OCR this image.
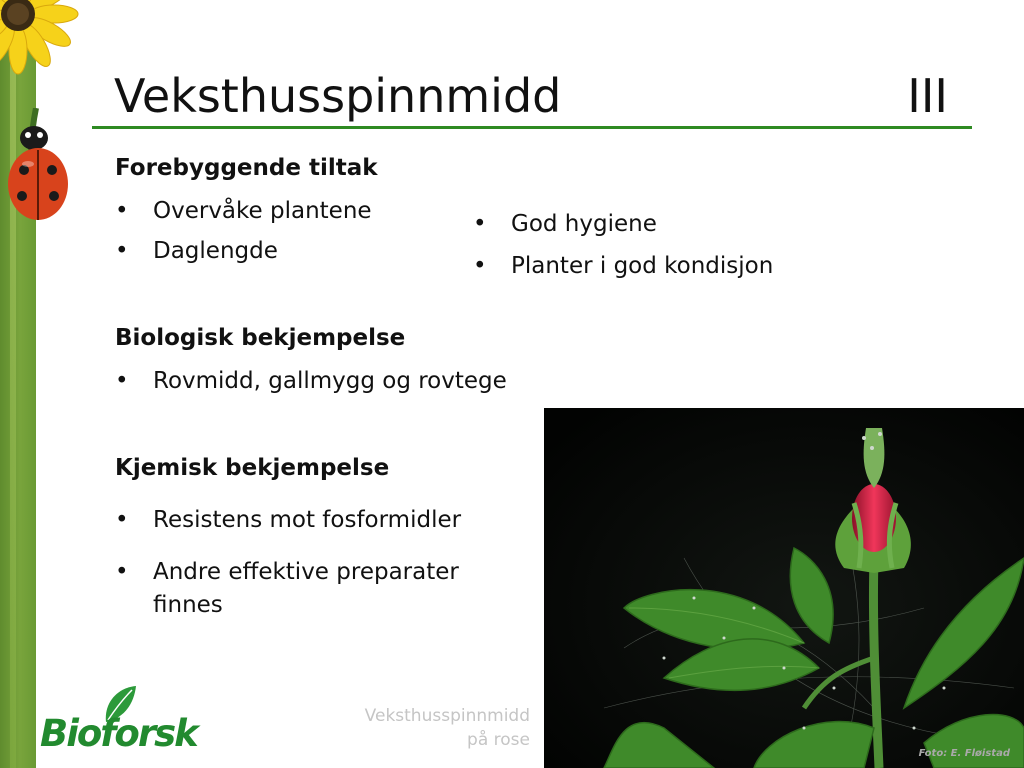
Veksthusspinnmidd	III
Forebyggende tiltak
• Overvåke plantene
• Daglengde
• God hygiene
• Planter i god kondisjon
Biologisk bekjempelse
• Rovmidd, gallmygg og rovtege
Kjemisk bekjempelse
• Resistens mot fosformidler
• Andre effektive preparater finnes
Foto: E. Fløistad
Veksthusspinnmidd
på rose
Bioforsk
